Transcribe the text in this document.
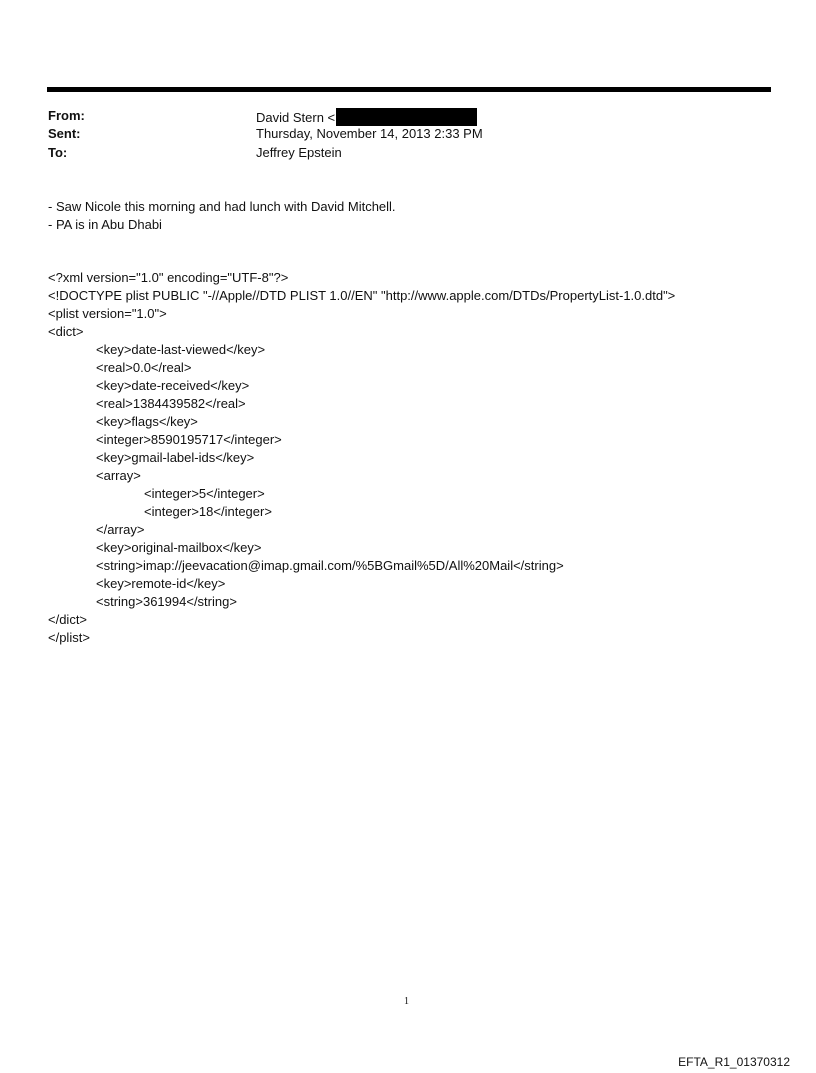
From:	David Stern <
Sent:	Thursday, November 14, 2013 2:33 PM
To:	Jeffrey Epstein
- Saw Nicole this morning and had lunch with David Mitchell.
- PA is in Abu Dhabi
<?xml version="1.0" encoding="UTF-8"?>
<!DOCTYPE plist PUBLIC "-//Apple//DTD PLIST 1.0//EN" "http://www.apple.com/DTDs/PropertyList-1.0.dtd">
<plist version="1.0">
<dict>
<key>date-last-viewed</key>
<real>0.0</real>
<key>date-received</key>
<real>1384439582</real>
<key>flags</key>
<integer>8590195717</integer>
<key>gmail-label-ids</key>
<array>
<integer>5</integer>
<integer>18</integer>
</array>
<key>original-mailbox</key>
<string>imap://jeevacation@imap.gmail.com/%5BGmail%5D/All%20Mail</string>
<key>remote-id</key>
<string>361994</string>
</dict>
</plist>
1
EFTA_R1_01370312
